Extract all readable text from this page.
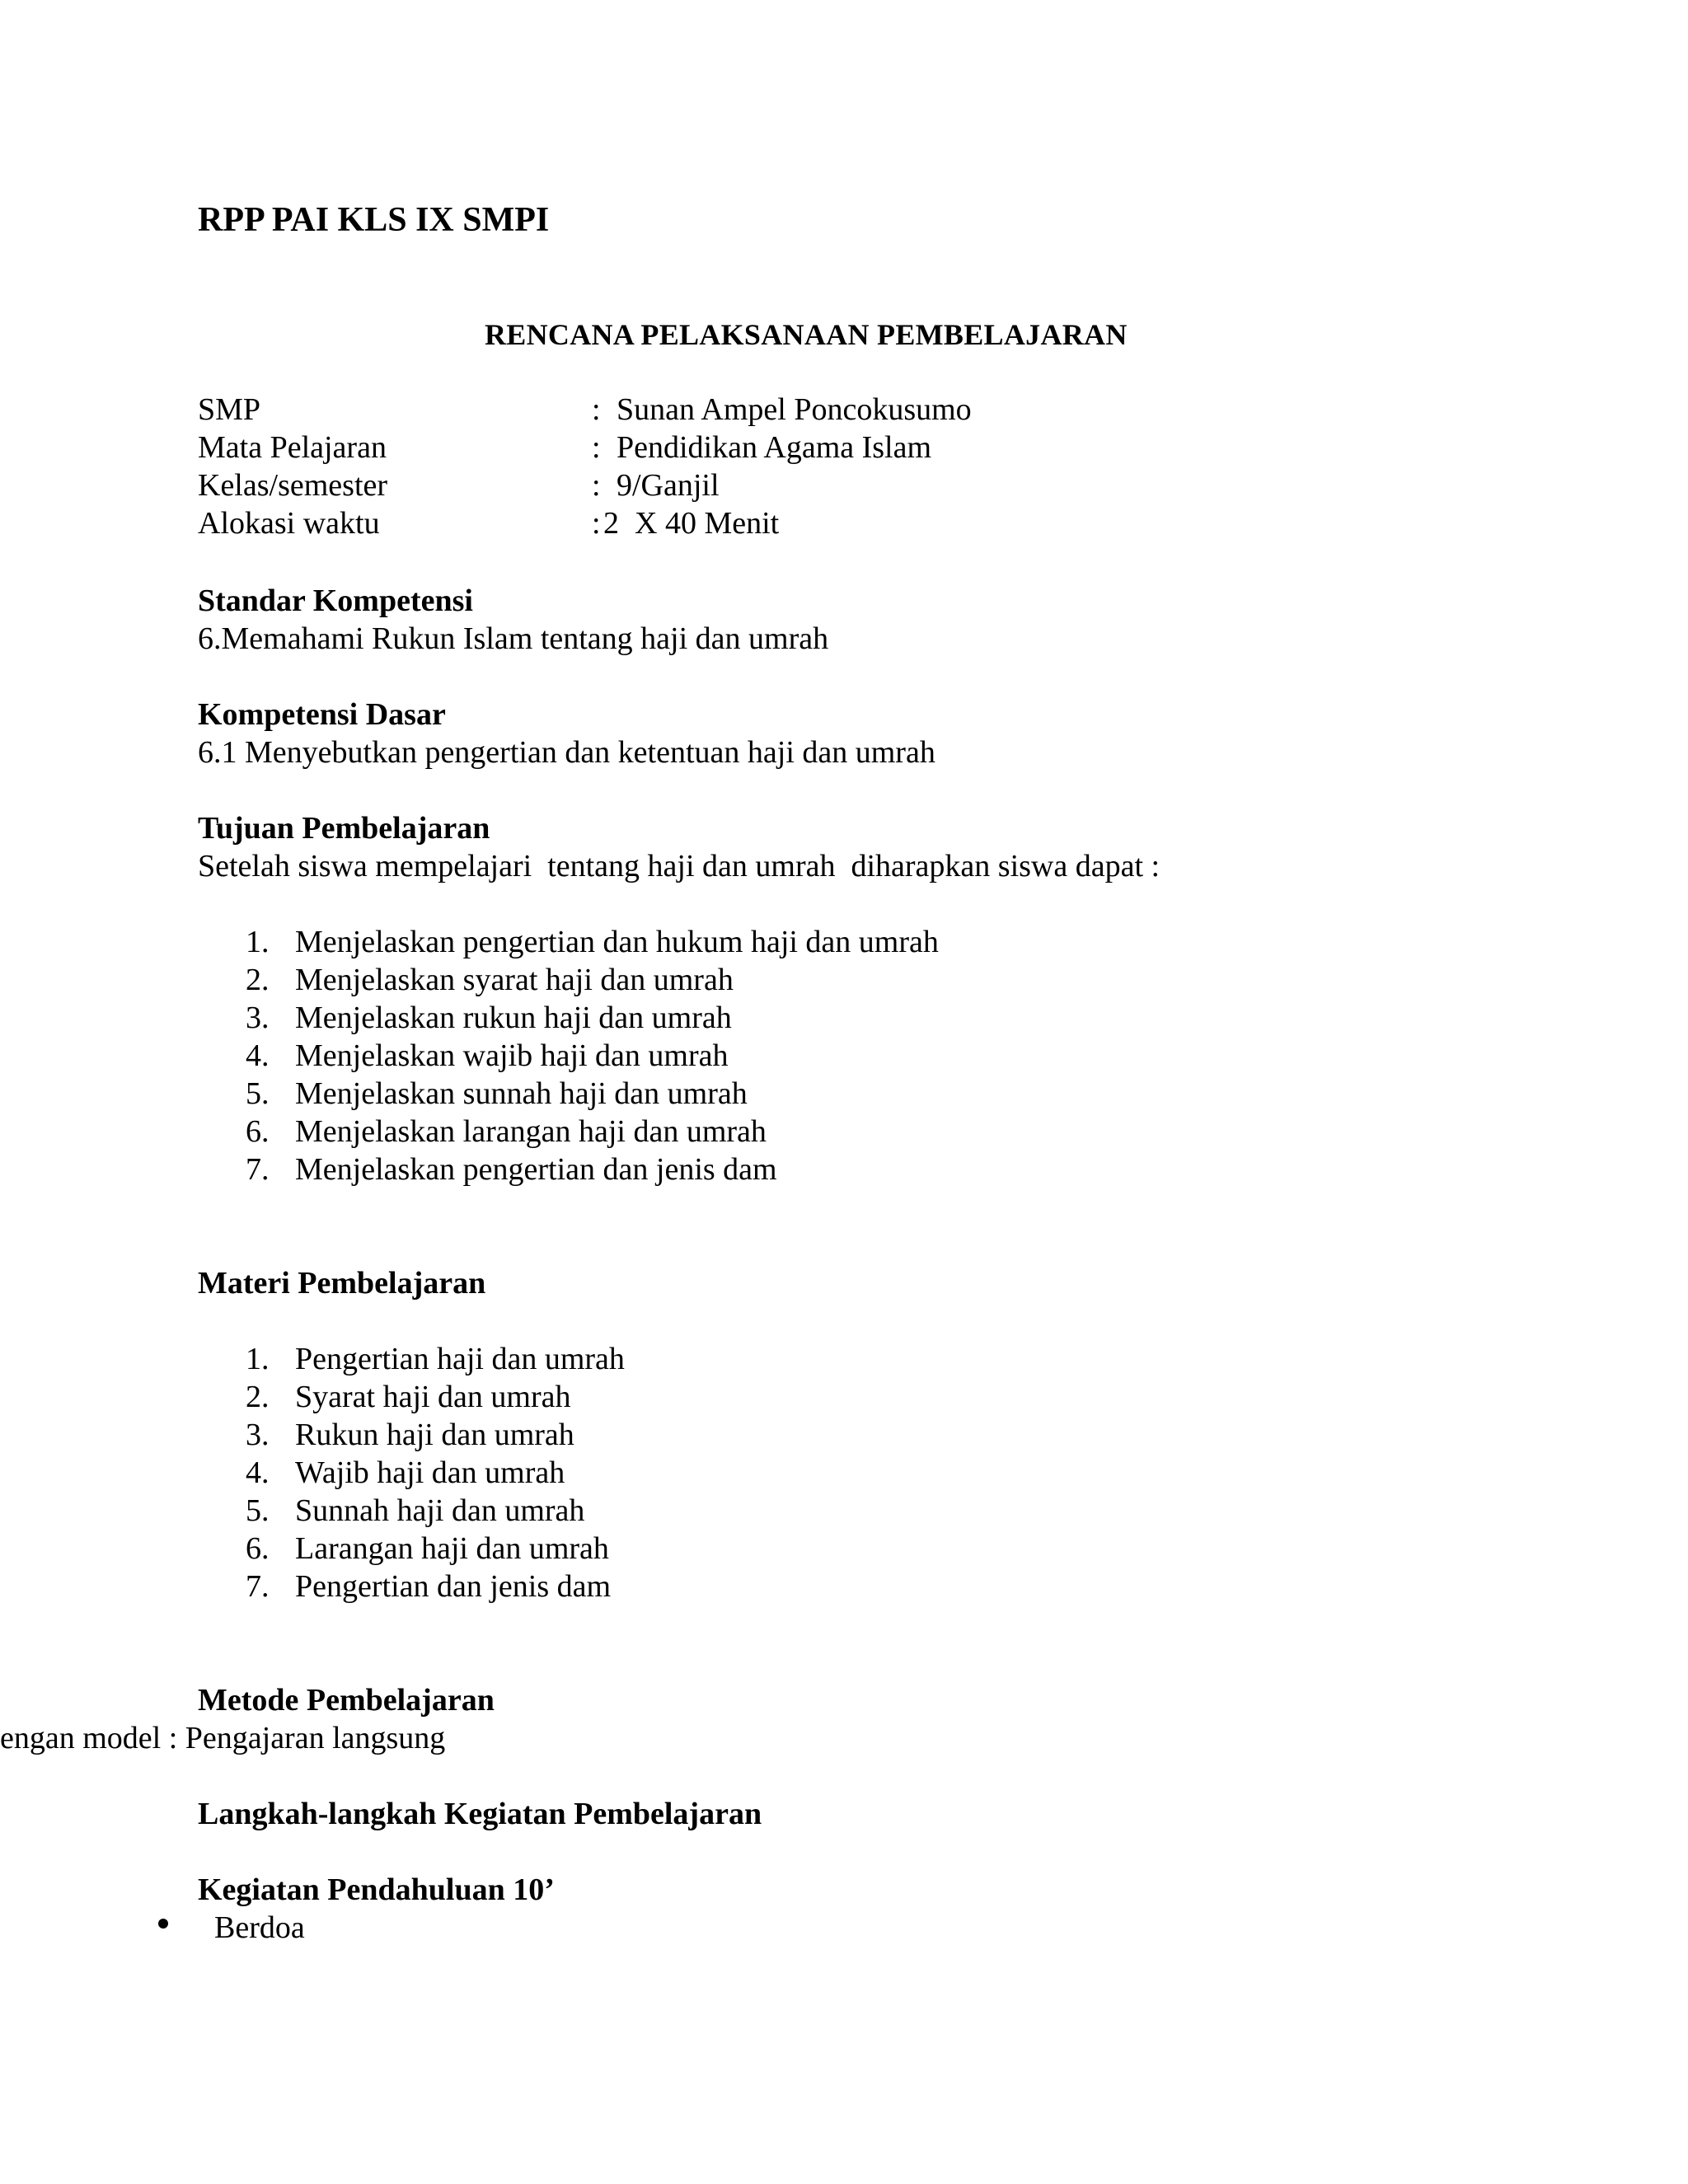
RPP PAI KLS IX SMPI
RENCANA PELAKSANAAN PEMBELAJARAN
SMP	: Sunan Ampel Poncokusumo
Mata Pelajaran	: Pendidikan Agama Islam
Kelas/semester	: 9/Ganjil
Alokasi waktu	: 2  X 40 Menit
Standar Kompetensi
6.Memahami Rukun Islam tentang haji dan umrah
Kompetensi Dasar
6.1 Menyebutkan pengertian dan ketentuan haji dan umrah
Tujuan Pembelajaran
Setelah siswa mempelajari  tentang haji dan umrah  diharapkan siswa dapat :
1. Menjelaskan pengertian dan hukum haji dan umrah
2. Menjelaskan syarat haji dan umrah
3. Menjelaskan rukun haji dan umrah
4. Menjelaskan wajib haji dan umrah
5. Menjelaskan sunnah haji dan umrah
6. Menjelaskan larangan haji dan umrah
7. Menjelaskan pengertian dan jenis dam
Materi Pembelajaran
1. Pengertian haji dan umrah
2. Syarat haji dan umrah
3. Rukun haji dan umrah
4. Wajib haji dan umrah
5. Sunnah haji dan umrah
6. Larangan haji dan umrah
7. Pengertian dan jenis dam
Metode Pembelajaran
engan model : Pengajaran langsung
Langkah-langkah Kegiatan Pembelajaran
Kegiatan Pendahuluan 10’
Berdoa
